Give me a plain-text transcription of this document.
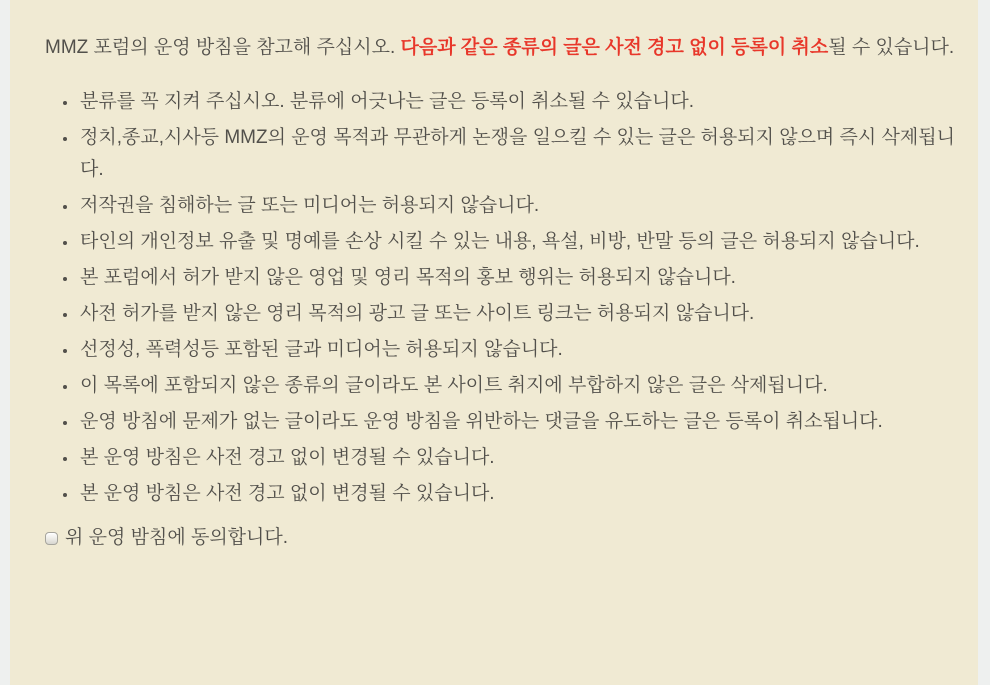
MMZ 포럼의 운영 방침을 참고해 주십시오. 다음과 같은 종류의 글은 사전 경고 없이 등록이 취소될 수 있습니다.

• 분류를 꼭 지켜 주십시오. 분류에 어긋나는 글은 등록이 취소될 수 있습니다.
• 정치,종교,시사등 MMZ의 운영 목적과 무관하게 논쟁을 일으킬 수 있는 글은 허용되지 않으며 즉시 삭제됩니다.
• 저작권을 침해하는 글 또는 미디어는 허용되지 않습니다.
• 타인의 개인정보 유출 및 명예를 손상 시킬 수 있는 내용, 욕설, 비방, 반말 등의 글은 허용되지 않습니다.
• 본 포럼에서 허가 받지 않은 영업 및 영리 목적의 홍보 행위는 허용되지 않습니다.
• 사전 허가를 받지 않은 영리 목적의 광고 글 또는 사이트 링크는 허용되지 않습니다.
• 선정성, 폭력성등 포함된 글과 미디어는 허용되지 않습니다.
• 이 목록에 포함되지 않은 종류의 글이라도 본 사이트 취지에 부합하지 않은 글은 삭제됩니다.
• 운영 방침에 문제가 없는 글이라도 운영 방침을 위반하는 댓글을 유도하는 글은 등록이 취소됩니다.
• 본 운영 방침은 사전 경고 없이 변경될 수 있습니다.
• 본 운영 방침은 사전 경고 없이 변경될 수 있습니다.
위 운영 밤침에 동의합니다.
